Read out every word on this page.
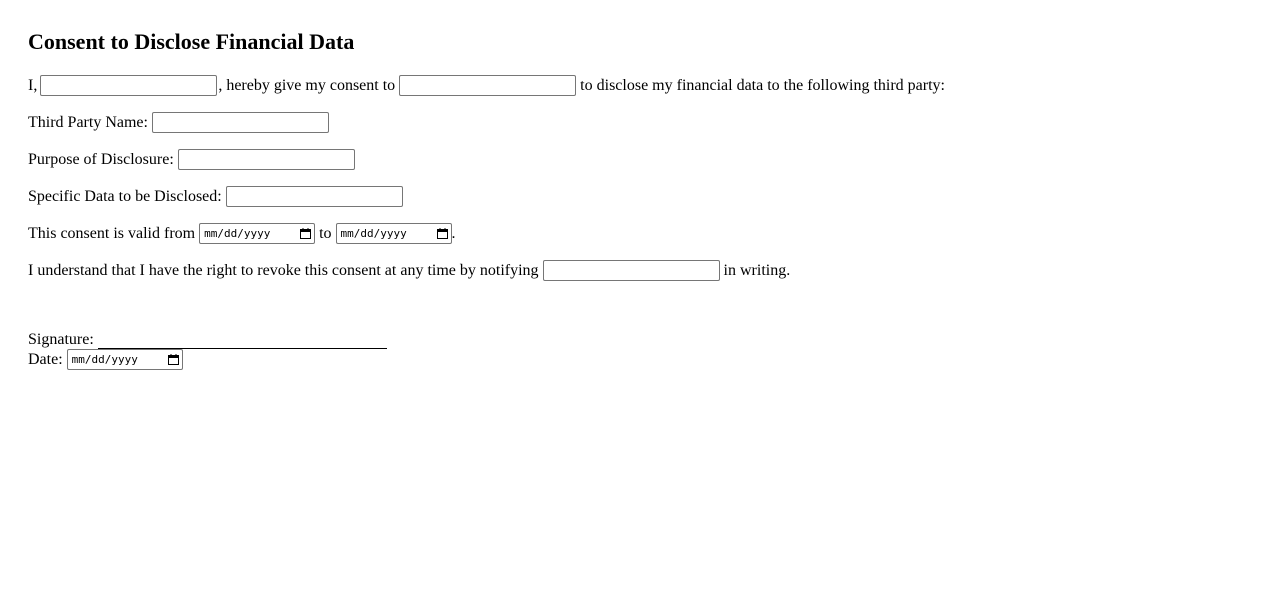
Consent to Disclose Financial Data
I,	, hereby give my consent to	to disclose my financial data to the following third party:
Third Party Name:
Purpose of Disclosure:
Specific Data to be Disclosed:
This consent is valid from mm/dd/yyyy	to mm/dd/yyyy	.
I understand that I have the right to revoke this consent at any time by notifying	in writing.
Signature:
Date: mm/dd/yyyy
